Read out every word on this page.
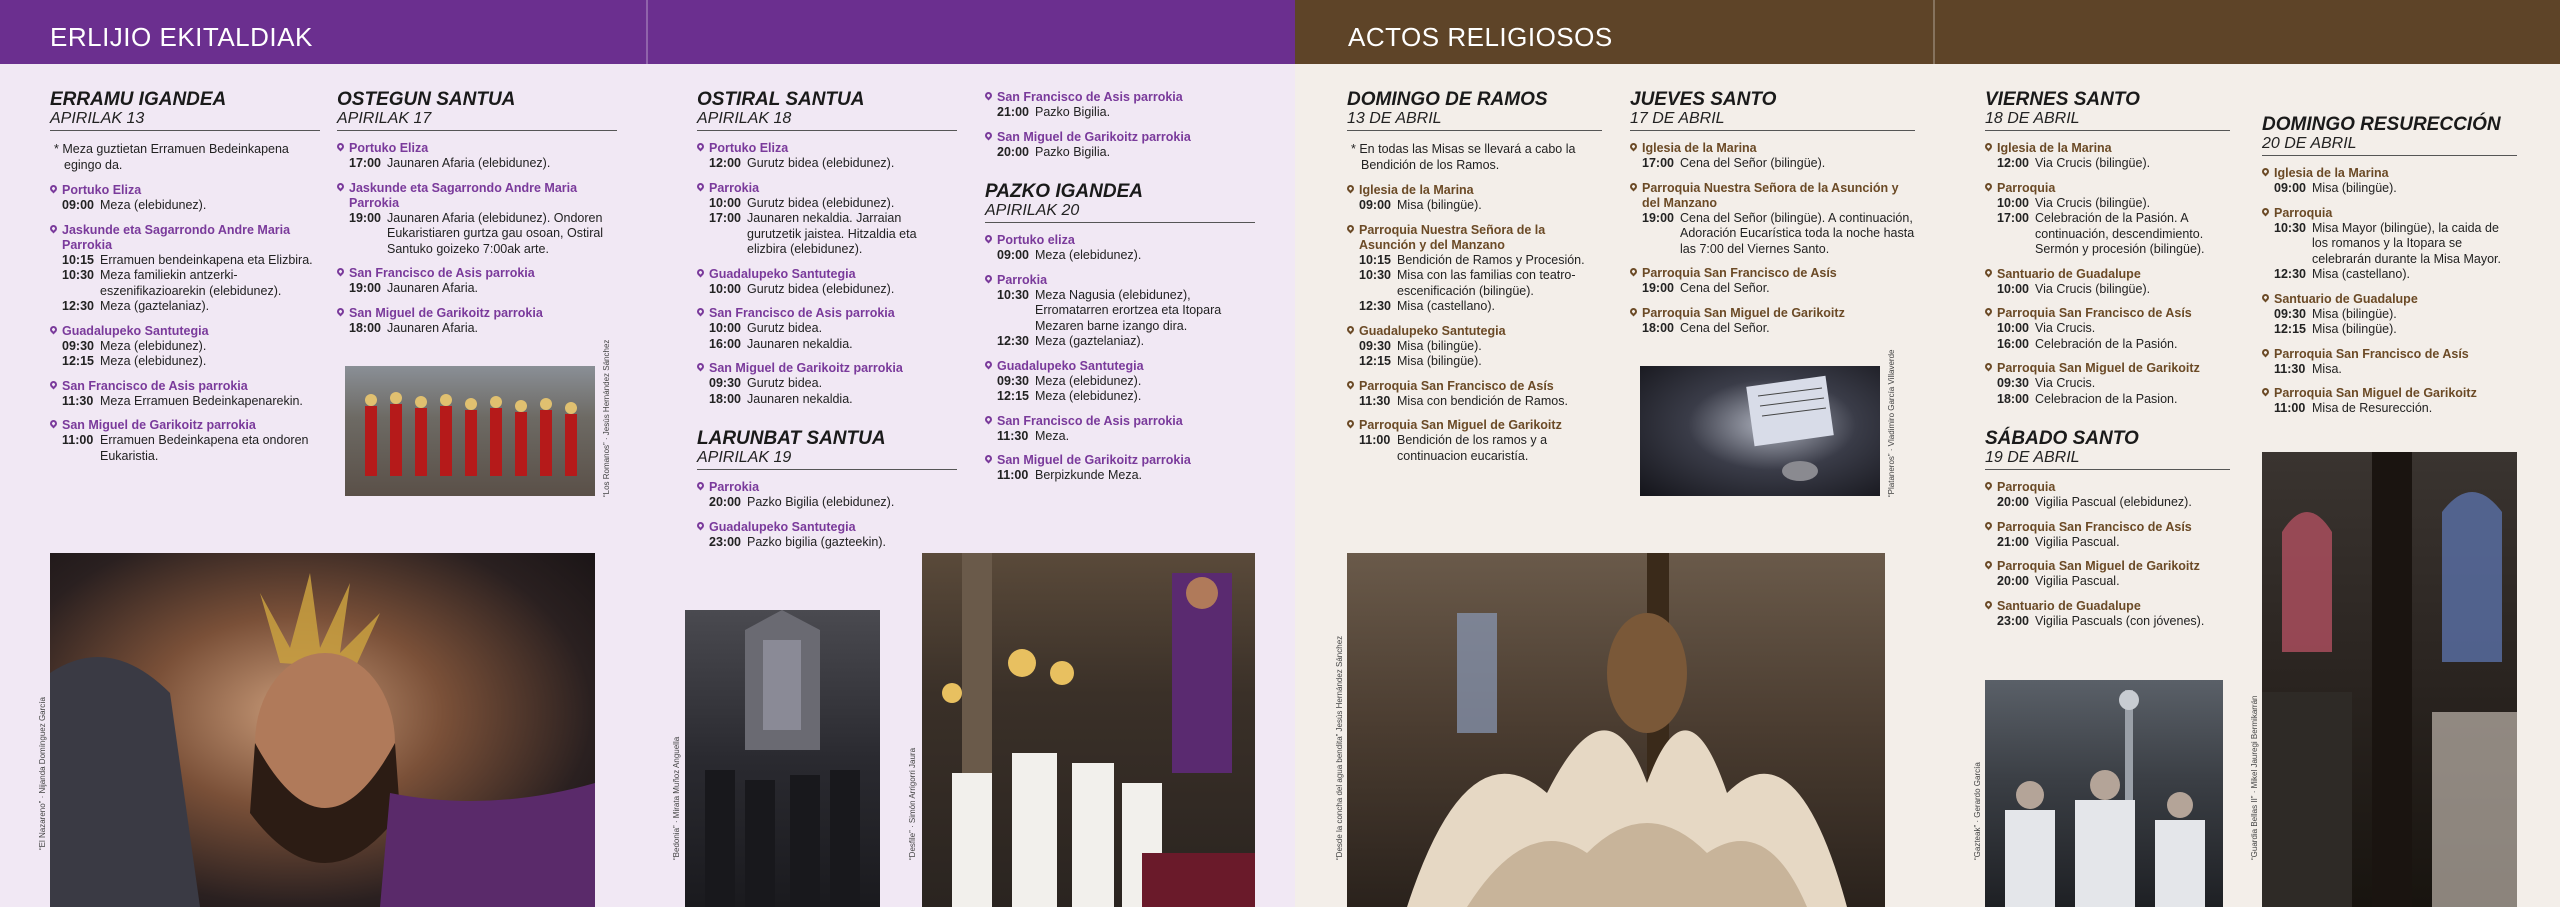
ERLIJIO EKITALDIAK
ERRAMU IGANDEA
APIRILAK 13
* Meza guztietan Erramuen Bedeinkapena egingo da.
Portuko Eliza
09:00 Meza (elebidunez).
Jaskunde eta Sagarrondo Andre Maria Parrokia
10:15 Erramuen bendeinkapena eta Elizbira.
10:30 Meza familiekin antzerki-eszenifikazioarekin (elebidunez).
12:30 Meza (gaztelaniaz).
Guadalupeko Santutegia
09:30 Meza (elebidunez).
12:15 Meza (elebidunez).
San Francisco de Asis parrokia
11:30 Meza Erramuen Bedeinkapenarekin.
San Miguel de Garikoitz parrokia
11:00 Erramuen Bedeinkapena eta ondoren Eukaristia.
OSTEGUN SANTUA
APIRILAK 17
Portuko Eliza
17:00 Jaunaren Afaria (elebidunez).
Jaskunde eta Sagarrondo Andre Maria Parrokia
19:00 Jaunaren Afaria (elebidunez). Ondoren Eukaristiaren gurtza gau osoan, Ostiral Santuko goizeko 7:00ak arte.
San Francisco de Asis parrokia
19:00 Jaunaren Afaria.
San Miguel de Garikoitz parrokia
18:00 Jaunaren Afaria.
OSTIRAL SANTUA
APIRILAK 18
Portuko Eliza
12:00 Gurutz bidea (elebidunez).
Parrokia
10:00 Gurutz bidea (elebidunez).
17:00 Jaunaren nekaldia. Jarraian gurutzetik jaistea. Hitzaldia eta elizbira (elebidunez).
Guadalupeko Santutegia
10:00 Gurutz bidea (elebidunez).
San Francisco de Asis parrokia
10:00 Gurutz bidea.
16:00 Jaunaren nekaldia.
San Miguel de Garikoitz parrokia
09:30 Gurutz bidea.
18:00 Jaunaren nekaldia.
LARUNBAT SANTUA
APIRILAK 19
Parrokia
20:00 Pazko Bigilia (elebidunez).
Guadalupeko Santutegia
23:00 Pazko bigilia (gazteekin).
San Francisco de Asis parrokia
21:00 Pazko Bigilia.
San Miguel de Garikoitz parrokia
20:00 Pazko Bigilia.
PAZKO IGANDEA
APIRILAK 20
Portuko eliza
09:00 Meza (elebidunez).
Parrokia
10:30 Meza Nagusia (elebidunez), Erromatarren erortzea eta Itopara Mezaren barne izango dira.
12:30 Meza (gaztelaniaz).
Guadalupeko Santutegia
09:30 Meza (elebidunez).
12:15 Meza (elebidunez).
San Francisco de Asis parrokia
11:30 Meza.
San Miguel de Garikoitz parrokia
11:00 Berpizkunde Meza.
“Los Romanos” · Jesús Hernández Sánchez
“El Nazareno” · Nijanda Domínguez García	“Bedonia” · Mirata Muñoz Anguella	“Desfile” · Simón Arrigorri Jaura
ACTOS RELIGIOSOS
DOMINGO DE RAMOS
13 DE ABRIL
* En todas las Misas se llevará a cabo la Bendición de los Ramos.
Iglesia de la Marina
09:00 Misa (bilingüe).
Parroquia Nuestra Señora de la Asunción y del Manzano
10:15 Bendición de Ramos y Procesión.
10:30 Misa con las familias con teatro-escenificación (bilingüe).
12:30 Misa (castellano).
Guadalupeko Santutegia
09:30 Misa (bilingüe).
12:15 Misa (bilingüe).
Parroquia San Francisco de Asís
11:30 Misa con bendición de Ramos.
Parroquia San Miguel de Garikoitz
11:00 Bendición de los ramos y a continuacion eucaristía.
JUEVES SANTO
17 DE ABRIL
Iglesia de la Marina
17:00 Cena del Señor (bilingüe).
Parroquia Nuestra Señora de la Asunción y del Manzano
19:00 Cena del Señor (bilingüe). A continuación, Adoración Eucarística toda la noche hasta las 7:00 del Viernes Santo.
Parroquia San Francisco de Asís
19:00 Cena del Señor.
Parroquia San Miguel de Garikoitz
18:00 Cena del Señor.
VIERNES SANTO
18 DE ABRIL
Iglesia de la Marina
12:00 Via Crucis (bilingüe).
Parroquia
10:00 Via Crucis (bilingüe).
17:00 Celebración de la Pasión. A continuación, descendimiento. Sermón y procesión (bilingüe).
Santuario de Guadalupe
10:00 Via Crucis (bilingüe).
Parroquia San Francisco de Asís
10:00 Via Crucis.
16:00 Celebración de la Pasión.
Parroquia San Miguel de Garikoitz
09:30 Via Crucis.
18:00 Celebracion de la Pasion.
SÁBADO SANTO
19 DE ABRIL
Parroquia
20:00 Vigilia Pascual (elebidunez).
Parroquia San Francisco de Asís
21:00 Vigilia Pascual.
Parroquia San Miguel de Garikoitz
20:00 Vigilia Pascual.
Santuario de Guadalupe
23:00 Vigilia Pascuals (con jóvenes).
DOMINGO RESURECCIÓN
20 DE ABRIL
Iglesia de la Marina
09:00 Misa (bilingüe).
Parroquia
10:30 Misa Mayor (bilingüe), la caida de los romanos y la Itopara se celebrarán durante la Misa Mayor.
12:30 Misa (castellano).
Santuario de Guadalupe
09:30 Misa (bilingüe).
12:15 Misa (bilingüe).
Parroquia San Francisco de Asís
11:30 Misa.
Parroquia San Miguel de Garikoitz
11:00 Misa de Resurección.
“Plataneros” · Vladimiro García Villaverde
“Desde la concha del agua bendita” Jesús Hernández Sánchez	“Gazteak” · Gerardo García	“Guardia Bellas II” · Mikel Jauregi Bermikarrán
